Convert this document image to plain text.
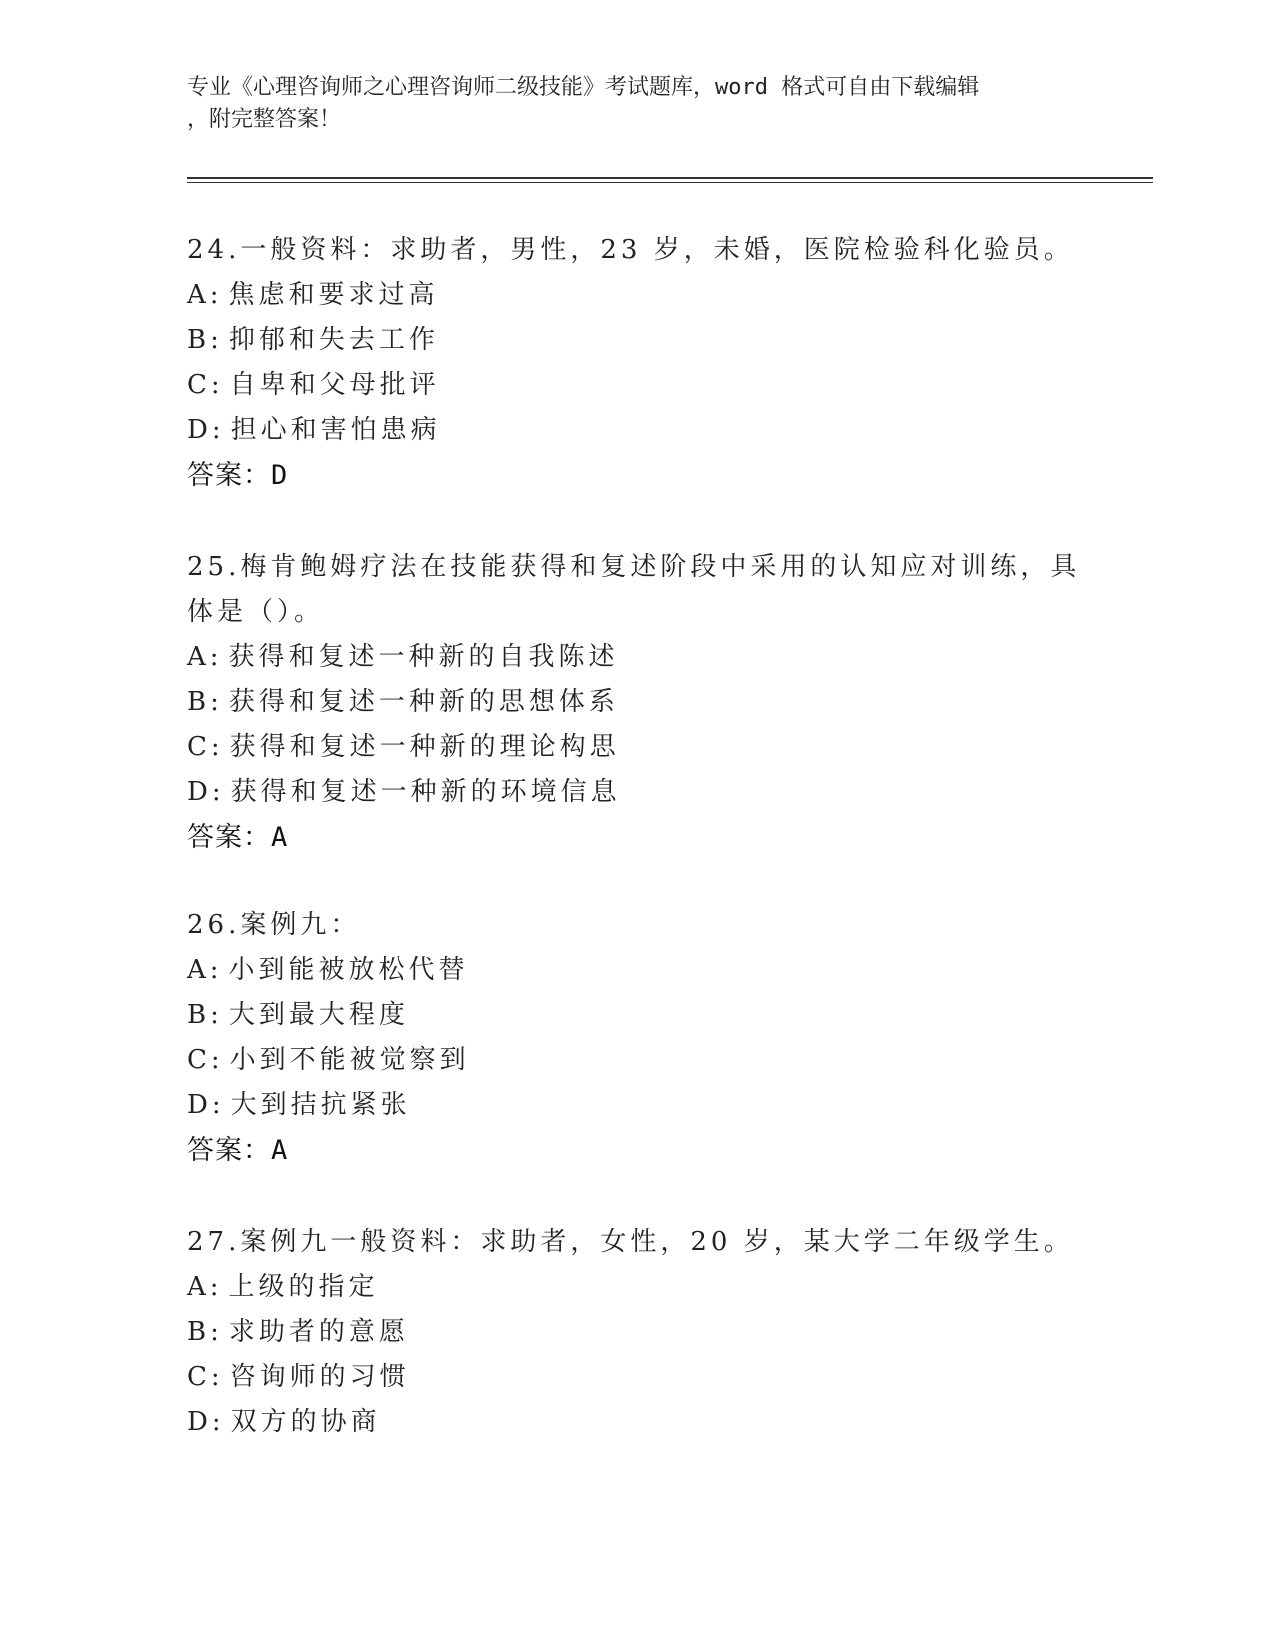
专业《心理咨询师之心理咨询师二级技能》考试题库，word 格式可自由下载编辑
，附完整答案！

24.一般资料：求助者，男性，23 岁，未婚，医院检验科化验员。

A: 焦虑和要求过高

B: 抑郁和失去工作

C: 自卑和父母批评

D: 担心和害怕患病

答案：D

25.梅肯鲍姆疗法在技能获得和复述阶段中采用的认知应对训练，具体是（）。

A: 获得和复述一种新的自我陈述

B: 获得和复述一种新的思想体系

C: 获得和复述一种新的理论构思

D: 获得和复述一种新的环境信息

答案：A

26.案例九：

A: 小到能被放松代替

B: 大到最大程度

C: 小到不能被觉察到

D: 大到拮抗紧张

答案：A

27.案例九一般资料：求助者，女性，20 岁，某大学二年级学生。

A: 上级的指定

B: 求助者的意愿

C: 咨询师的习惯

D: 双方的协商
